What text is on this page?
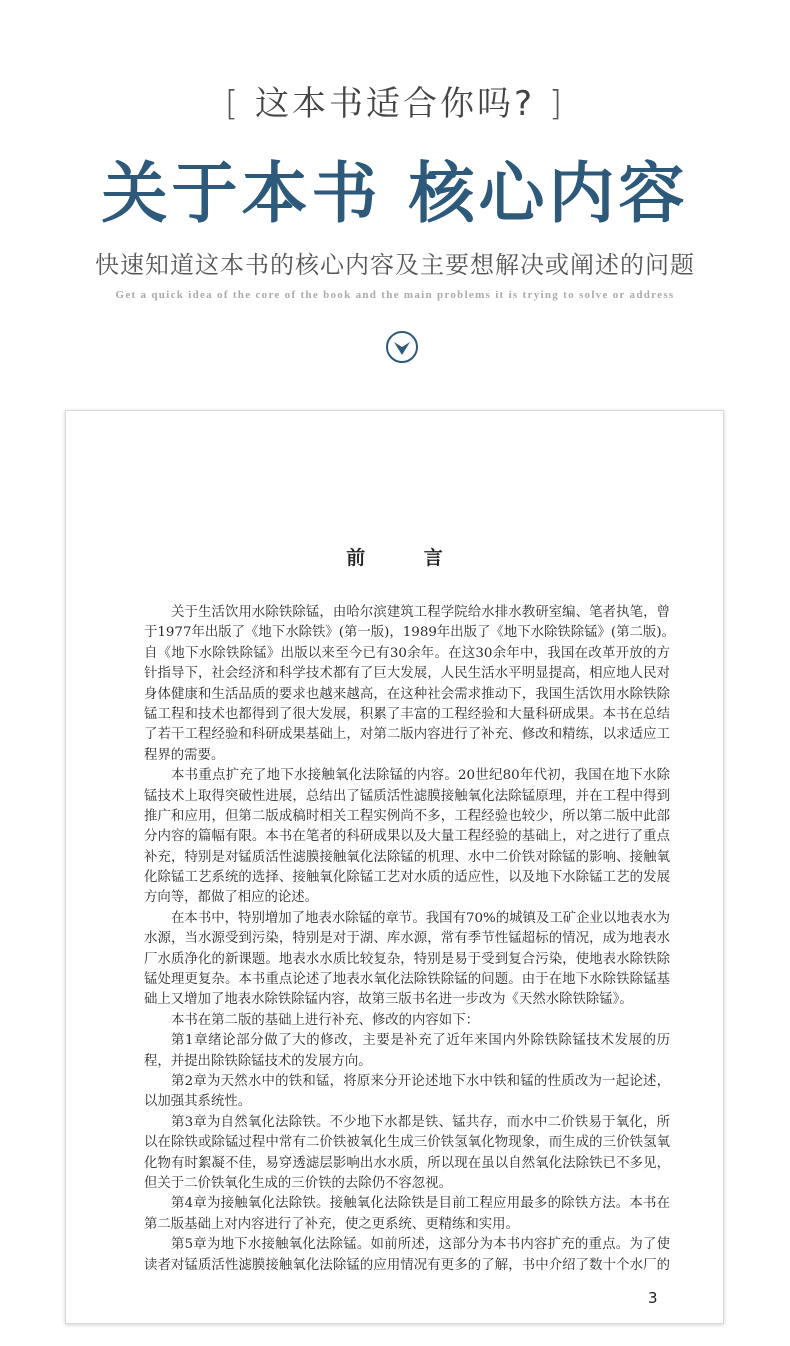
[ 这本书适合你吗? ]
关于本书 核心内容
快速知道这本书的核心内容及主要想解决或阐述的问题
Get a quick idea of the core of the book and the main problems it is trying to solve or address
前 言
关于生活饮用水除铁除锰，由哈尔滨建筑工程学院给水排水教研室编、笔者执笔，曾
于1977年出版了《地下水除铁》(第一版)，1989年出版了《地下水除铁除锰》(第二版)。
自《地下水除铁除锰》出版以来至今已有30余年。在这30余年中，我国在改革开放的方
针指导下，社会经济和科学技术都有了巨大发展，人民生活水平明显提高，相应地人民对
身体健康和生活品质的要求也越来越高，在这种社会需求推动下，我国生活饮用水除铁除
锰工程和技术也都得到了很大发展，积累了丰富的工程经验和大量科研成果。本书在总结
了若干工程经验和科研成果基础上，对第二版内容进行了补充、修改和精练，以求适应工
程界的需要。
本书重点扩充了地下水接触氧化法除锰的内容。20世纪80年代初，我国在地下水除
锰技术上取得突破性进展，总结出了锰质活性滤膜接触氧化法除锰原理，并在工程中得到
推广和应用，但第二版成稿时相关工程实例尚不多，工程经验也较少，所以第二版中此部
分内容的篇幅有限。本书在笔者的科研成果以及大量工程经验的基础上，对之进行了重点
补充，特别是对锰质活性滤膜接触氧化法除锰的机理、水中二价铁对除锰的影响、接触氧
化除锰工艺系统的选择、接触氧化除锰工艺对水质的适应性，以及地下水除锰工艺的发展
方向等，都做了相应的论述。
在本书中，特别增加了地表水除锰的章节。我国有70%的城镇及工矿企业以地表水为
水源，当水源受到污染，特别是对于湖、库水源，常有季节性锰超标的情况，成为地表水
厂水质净化的新课题。地表水水质比较复杂，特别是易于受到复合污染，使地表水除铁除
锰处理更复杂。本书重点论述了地表水氧化法除铁除锰的问题。由于在地下水除铁除锰基
础上又增加了地表水除铁除锰内容，故第三版书名进一步改为《天然水除铁除锰》。
本书在第二版的基础上进行补充、修改的内容如下：
第1章绪论部分做了大的修改，主要是补充了近年来国内外除铁除锰技术发展的历
程，并提出除铁除锰技术的发展方向。
第2章为天然水中的铁和锰，将原来分开论述地下水中铁和锰的性质改为一起论述，
以加强其系统性。
第3章为自然氧化法除铁。不少地下水都是铁、锰共存，而水中二价铁易于氧化，所
以在除铁或除锰过程中常有二价铁被氧化生成三价铁氢氧化物现象，而生成的三价铁氢氧
化物有时絮凝不佳，易穿透滤层影响出水水质，所以现在虽以自然氧化法除铁已不多见，
但关于二价铁氧化生成的三价铁的去除仍不容忽视。
第4章为接触氧化法除铁。接触氧化法除铁是目前工程应用最多的除铁方法。本书在
第二版基础上对内容进行了补充，使之更系统、更精练和实用。
第5章为地下水接触氧化法除锰。如前所述，这部分为本书内容扩充的重点。为了使
读者对锰质活性滤膜接触氧化法除锰的应用情况有更多的了解，书中介绍了数十个水厂的
3
